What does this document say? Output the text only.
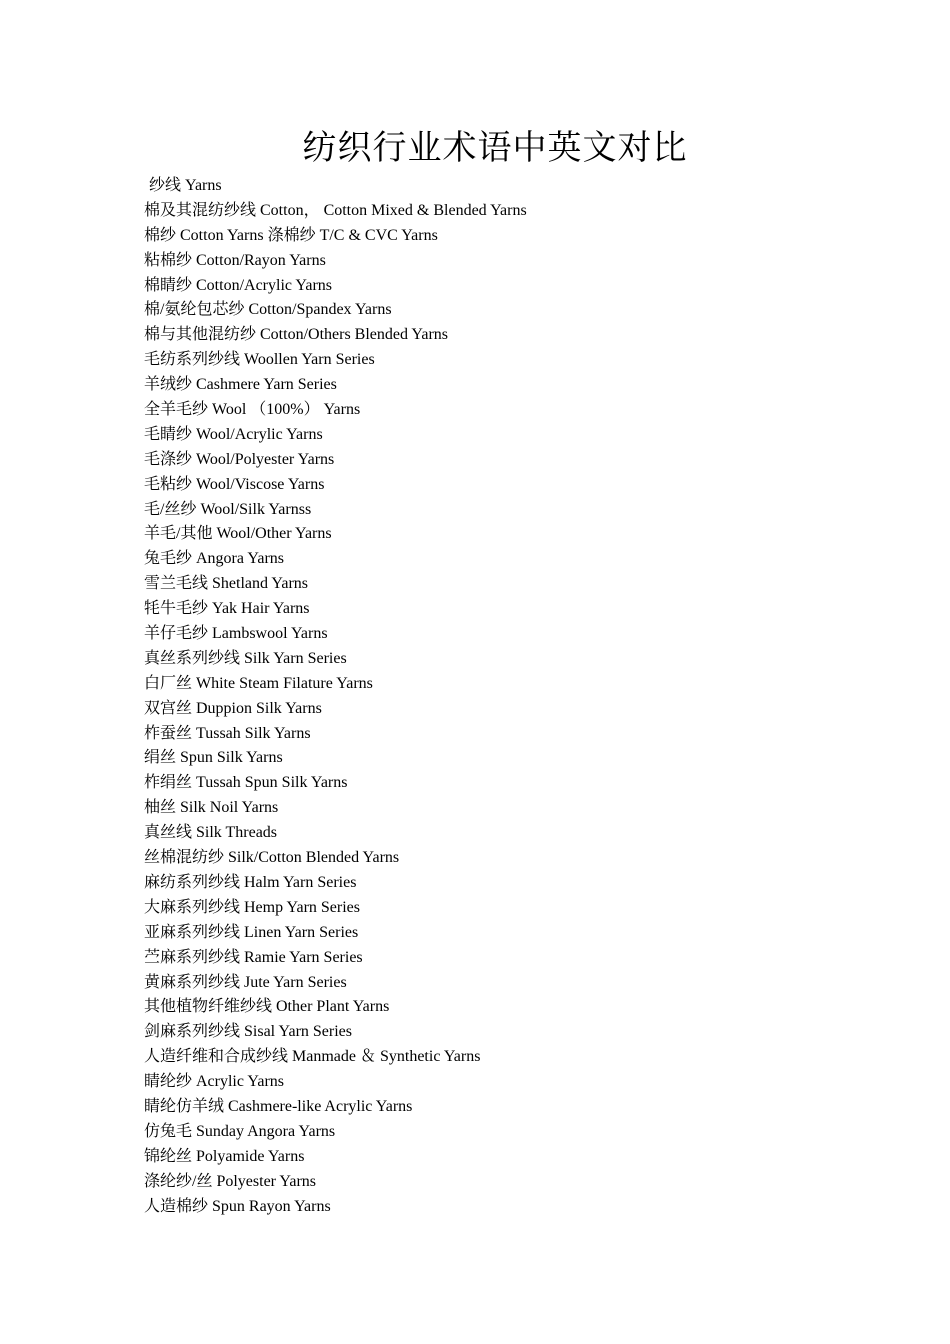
纺织行业术语中英文对比
纱线 Yarns
棉及其混纺纱线 Cotton， Cotton Mixed & Blended Yarns
棉纱 Cotton Yarns 涤棉纱 T/C & CVC Yarns
粘棉纱 Cotton/Rayon Yarns
棉睛纱 Cotton/Acrylic Yarns
棉/氨纶包芯纱 Cotton/Spandex Yarns
棉与其他混纺纱 Cotton/Others Blended Yarns
毛纺系列纱线 Woollen Yarn Series
羊绒纱 Cashmere Yarn Series
全羊毛纱 Wool （100%） Yarns
毛睛纱 Wool/Acrylic Yarns
毛涤纱 Wool/Polyester Yarns
毛粘纱 Wool/Viscose Yarns
毛/丝纱 Wool/Silk Yarnss
羊毛/其他 Wool/Other Yarns
兔毛纱 Angora Yarns
雪兰毛线 Shetland Yarns
牦牛毛纱 Yak Hair Yarns
羊仔毛纱 Lambswool Yarns
真丝系列纱线 Silk Yarn Series
白厂丝 White Steam Filature Yarns
双宫丝 Duppion Silk Yarns
柞蚕丝 Tussah Silk Yarns
绢丝 Spun Silk Yarns
柞绢丝 Tussah Spun Silk Yarns
柚丝 Silk Noil Yarns
真丝线 Silk Threads
丝棉混纺纱 Silk/Cotton Blended Yarns
麻纺系列纱线 Halm Yarn Series
大麻系列纱线 Hemp Yarn Series
亚麻系列纱线 Linen Yarn Series
苎麻系列纱线 Ramie Yarn Series
黄麻系列纱线 Jute Yarn Series
其他植物纤维纱线 Other Plant Yarns
剑麻系列纱线 Sisal Yarn Series
人造纤维和合成纱线 Manmade ＆ Synthetic Yarns
睛纶纱 Acrylic Yarns
睛纶仿羊绒 Cashmere-like Acrylic Yarns
仿兔毛 Sunday Angora Yarns
锦纶丝 Polyamide Yarns
涤纶纱/丝 Polyester Yarns
人造棉纱 Spun Rayon Yarns
